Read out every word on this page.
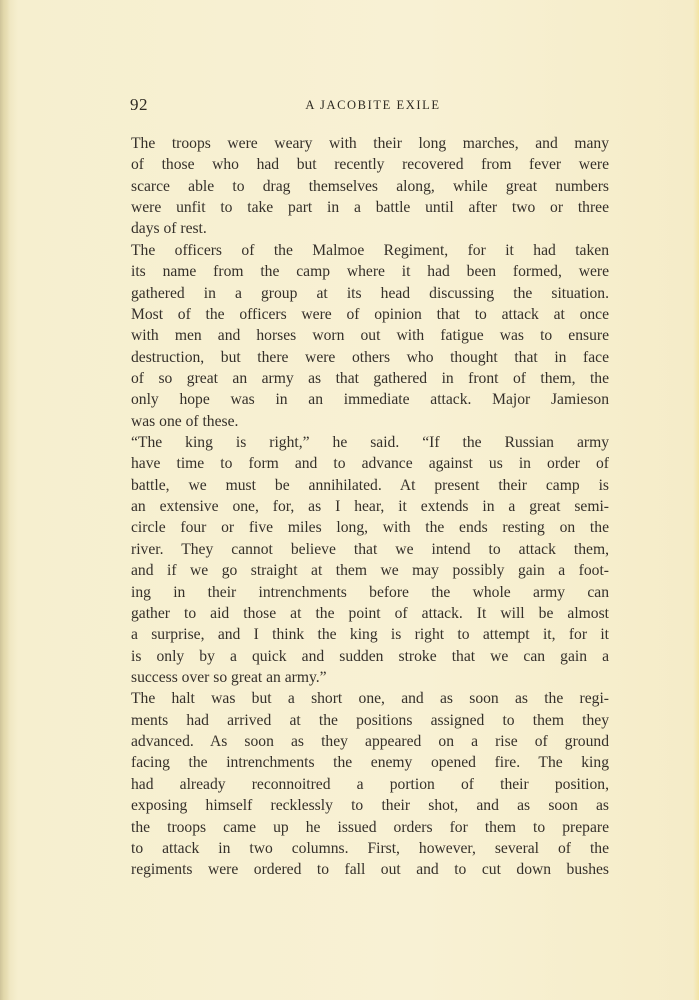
92	A JACOBITE EXILE
The troops were weary with their long marches, and many
of those who had but recently recovered from fever were
scarce able to drag themselves along, while great numbers
were unfit to take part in a battle until after two or three
days of rest.
The officers of the Malmoe Regiment, for it had taken
its name from the camp where it had been formed, were
gathered in a group at its head discussing the situation.
Most of the officers were of opinion that to attack at once
with men and horses worn out with fatigue was to ensure
destruction, but there were others who thought that in face
of so great an army as that gathered in front of them, the
only hope was in an immediate attack. Major Jamieson
was one of these.
“The king is right,” he said. “If the Russian army
have time to form and to advance against us in order of
battle, we must be annihilated. At present their camp is
an extensive one, for, as I hear, it extends in a great semi-
circle four or five miles long, with the ends resting on the
river. They cannot believe that we intend to attack them,
and if we go straight at them we may possibly gain a foot-
ing in their intrenchments before the whole army can
gather to aid those at the point of attack. It will be almost
a surprise, and I think the king is right to attempt it, for it
is only by a quick and sudden stroke that we can gain a
success over so great an army.”
The halt was but a short one, and as soon as the regi-
ments had arrived at the positions assigned to them they
advanced. As soon as they appeared on a rise of ground
facing the intrenchments the enemy opened fire. The king
had already reconnoitred a portion of their position,
exposing himself recklessly to their shot, and as soon as
the troops came up he issued orders for them to prepare
to attack in two columns. First, however, several of the
regiments were ordered to fall out and to cut down bushes
